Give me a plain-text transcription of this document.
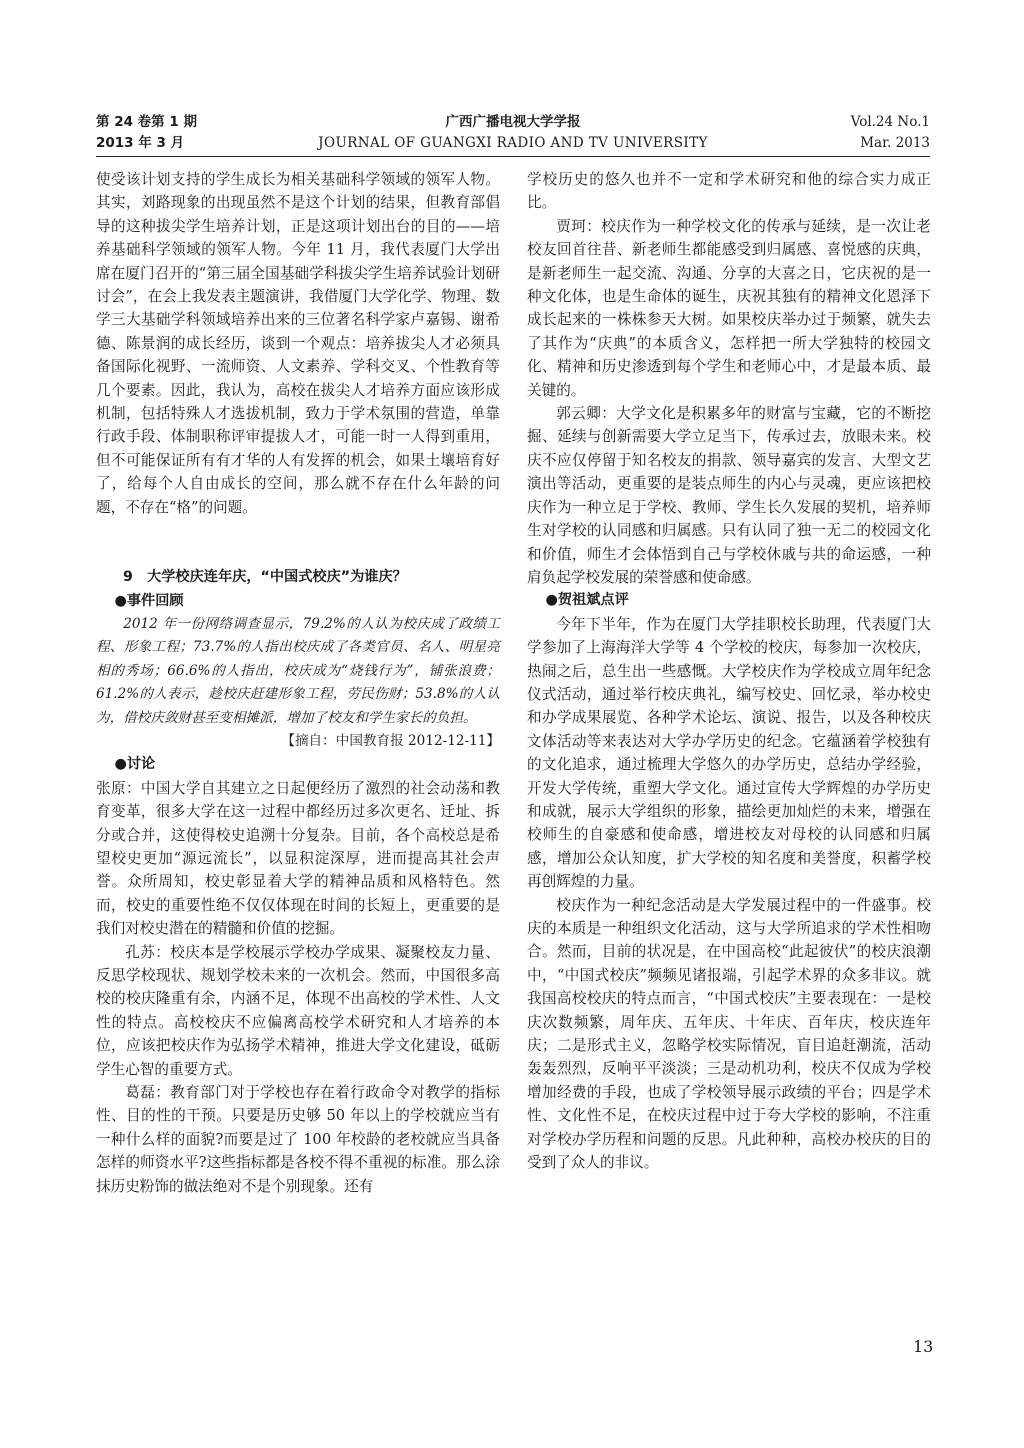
第 24 卷第 1 期
2013 年 3 月
广西广播电视大学学报
JOURNAL OF GUANGXI RADIO AND TV UNIVERSITY
Vol.24 No.1
Mar. 2013

使受该计划支持的学生成长为相关基础科学领域的领军人物。其实，刘路现象的出现虽然不是这个计划的结果，但教育部倡导的这种拔尖学生培养计划，正是这项计划出台的目的——培养基础科学领域的领军人物。今年 11 月，我代表厦门大学出席在厦门召开的“第三届全国基础学科拔尖学生培养试验计划研讨会”，在会上我发表主题演讲，我借厦门大学化学、物理、数学三大基础学科领域培养出来的三位著名科学家卢嘉锡、谢希德、陈景润的成长经历，谈到一个观点：培养拔尖人才必须具备国际化视野、一流师资、人文素养、学科交叉、个性教育等几个要素。因此，我认为，高校在拔尖人才培养方面应该形成机制，包括特殊人才选拔机制，致力于学术氛围的营造，单靠行政手段、体制职称评审提拔人才，可能一时一人得到重用，但不可能保证所有有才华的人有发挥的机会，如果土壤培育好了，给每个人自由成长的空间，那么就不存在什么年龄的问题，不存在“格”的问题。

9　大学校庆连年庆，“中国式校庆”为谁庆？

●事件回顾

2012 年一份网络调查显示，79.2%的人认为校庆成了政绩工程、形象工程；73.7%的人指出校庆成了各类官员、名人、明星亮相的秀场；66.6%的人指出，校庆成为“烧钱行为”，铺张浪费；61.2%的人表示，趁校庆赶建形象工程，劳民伤财；53.8%的人认为，借校庆敛财甚至变相摊派，增加了校友和学生家长的负担。

【摘自：中国教育报 2012-12-11】

●讨论

张原：中国大学自其建立之日起便经历了激烈的社会动荡和教育变革，很多大学在这一过程中都经历过多次更名、迁址、拆分或合并，这使得校史追溯十分复杂。目前，各个高校总是希望校史更加“源远流长”，以显积淀深厚，进而提高其社会声誉。众所周知，校史彰显着大学的精神品质和风格特色。然而，校史的重要性绝不仅仅体现在时间的长短上，更重要的是我们对校史潜在的精髓和价值的挖掘。

孔苏：校庆本是学校展示学校办学成果、凝聚校友力量、反思学校现状、规划学校未来的一次机会。然而，中国很多高校的校庆隆重有余，内涵不足，体现不出高校的学术性、人文性的特点。高校校庆不应偏离高校学术研究和人才培养的本位，应该把校庆作为弘扬学术精神，推进大学文化建设，砥砺学生心智的重要方式。

葛磊：教育部门对于学校也存在着行政命令对教学的指标性、目的性的干预。只要是历史够 50 年以上的学校就应当有一种什么样的面貌?而要是过了 100 年校龄的老校就应当具备怎样的师资水平?这些指标都是各校不得不重视的标准。那么涂抹历史粉饰的做法绝对不是个别现象。还有

学校历史的悠久也并不一定和学术研究和他的综合实力成正比。

贾珂：校庆作为一种学校文化的传承与延续，是一次让老校友回首往昔、新老师生都能感受到归属感、喜悦感的庆典，是新老师生一起交流、沟通、分享的大喜之日，它庆祝的是一种文化体，也是生命体的诞生，庆祝其独有的精神文化恩泽下成长起来的一株株参天大树。如果校庆举办过于频繁，就失去了其作为“庆典”的本质含义，怎样把一所大学独特的校园文化、精神和历史渗透到每个学生和老师心中，才是最本质、最关键的。

郭云卿：大学文化是积累多年的财富与宝藏，它的不断挖掘、延续与创新需要大学立足当下，传承过去，放眼未来。校庆不应仅停留于知名校友的捐款、领导嘉宾的发言、大型文艺演出等活动，更重要的是装点师生的内心与灵魂，更应该把校庆作为一种立足于学校、教师、学生长久发展的契机，培养师生对学校的认同感和归属感。只有认同了独一无二的校园文化和价值，师生才会体悟到自己与学校休戚与共的命运感，一种肩负起学校发展的荣誉感和使命感。

●贺祖斌点评

今年下半年，作为在厦门大学挂职校长助理，代表厦门大学参加了上海海洋大学等 4 个学校的校庆，每参加一次校庆，热闹之后，总生出一些感慨。大学校庆作为学校成立周年纪念仪式活动，通过举行校庆典礼，编写校史、回忆录，举办校史和办学成果展览、各种学术论坛、演说、报告，以及各种校庆文体活动等来表达对大学办学历史的纪念。它蕴涵着学校独有的文化追求，通过梳理大学悠久的办学历史，总结办学经验，开发大学传统，重塑大学文化。通过宣传大学辉煌的办学历史和成就，展示大学组织的形象，描绘更加灿烂的未来，增强在校师生的自豪感和使命感，增进校友对母校的认同感和归属感，增加公众认知度，扩大学校的知名度和美誉度，积蓄学校再创辉煌的力量。

校庆作为一种纪念活动是大学发展过程中的一件盛事。校庆的本质是一种组织文化活动，这与大学所追求的学术性相吻合。然而，目前的状况是，在中国高校“此起彼伏”的校庆浪潮中，“中国式校庆”频频见诸报端，引起学术界的众多非议。就我国高校校庆的特点而言，“中国式校庆”主要表现在：一是校庆次数频繁，周年庆、五年庆、十年庆、百年庆，校庆连年庆；二是形式主义，忽略学校实际情况，盲目追赶潮流，活动轰轰烈烈，反响平平淡淡；三是动机功利，校庆不仅成为学校增加经费的手段，也成了学校领导展示政绩的平台；四是学术性、文化性不足，在校庆过程中过于夸大学校的影响，不注重对学校办学历程和问题的反思。凡此种种，高校办校庆的目的受到了众人的非议。

13
